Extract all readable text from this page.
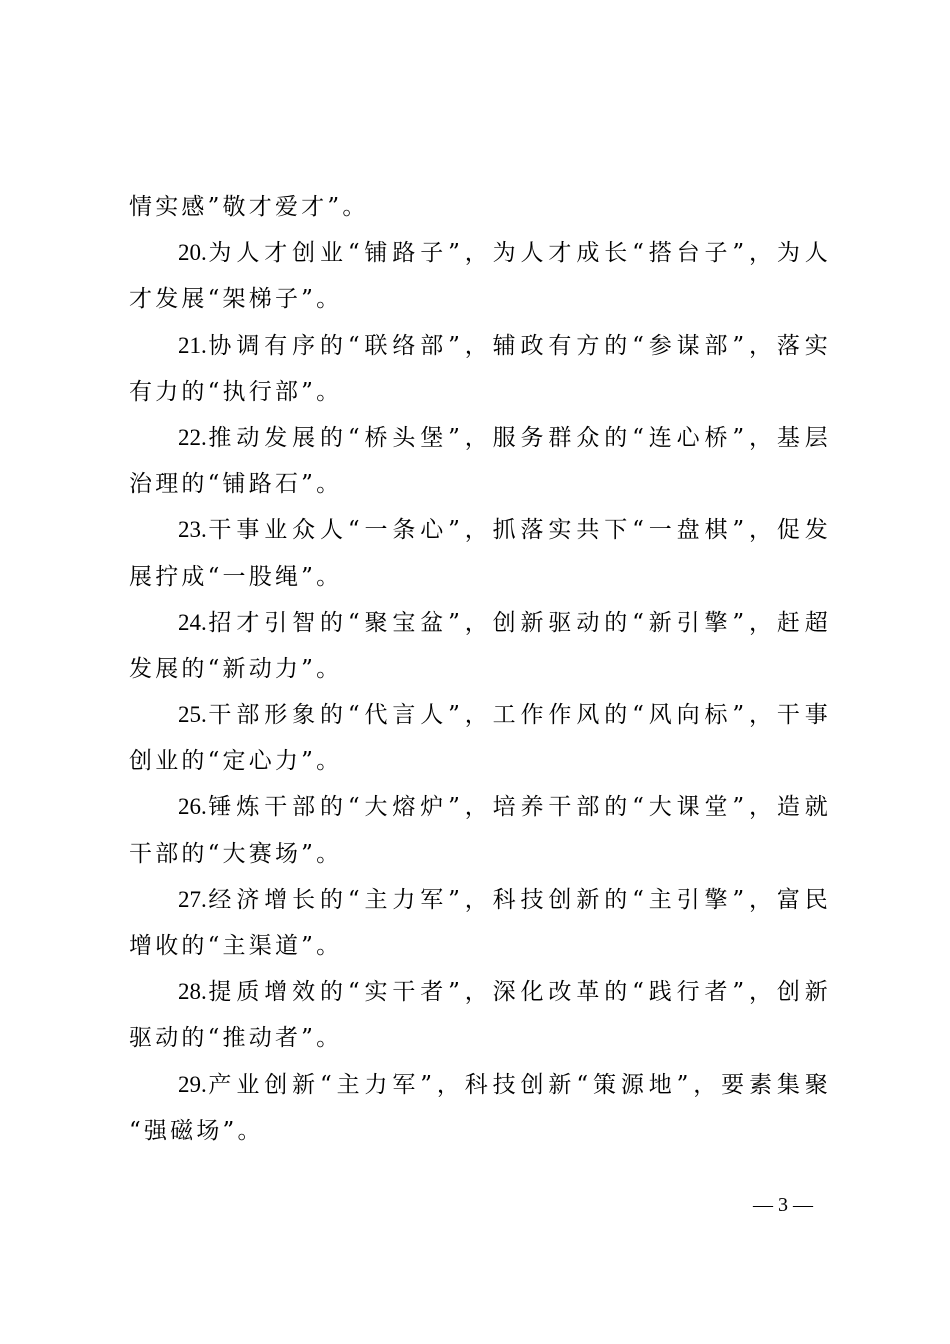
情实感”敬才爱才”。
20.为人才创业“铺路子”，为人才成长“搭台子”，为人
才发展“架梯子”。
21.协调有序的“联络部”，辅政有方的“参谋部”，落实
有力的“执行部”。
22.推动发展的“桥头堡”，服务群众的“连心桥”，基层
治理的“铺路石”。
23.干事业众人“一条心”，抓落实共下“一盘棋”，促发
展拧成“一股绳”。
24.招才引智的“聚宝盆”，创新驱动的“新引擎”，赶超
发展的“新动力”。
25.干部形象的“代言人”，工作作风的“风向标”，干事
创业的“定心力”。
26.锤炼干部的“大熔炉”，培养干部的“大课堂”，造就
干部的“大赛场”。
27.经济增长的“主力军”，科技创新的“主引擎”，富民
增收的“主渠道”。
28.提质增效的“实干者”，深化改革的“践行者”，创新
驱动的“推动者”。
29.产业创新“主力军”，科技创新“策源地”，要素集聚
“强磁场”。
— 3 —
